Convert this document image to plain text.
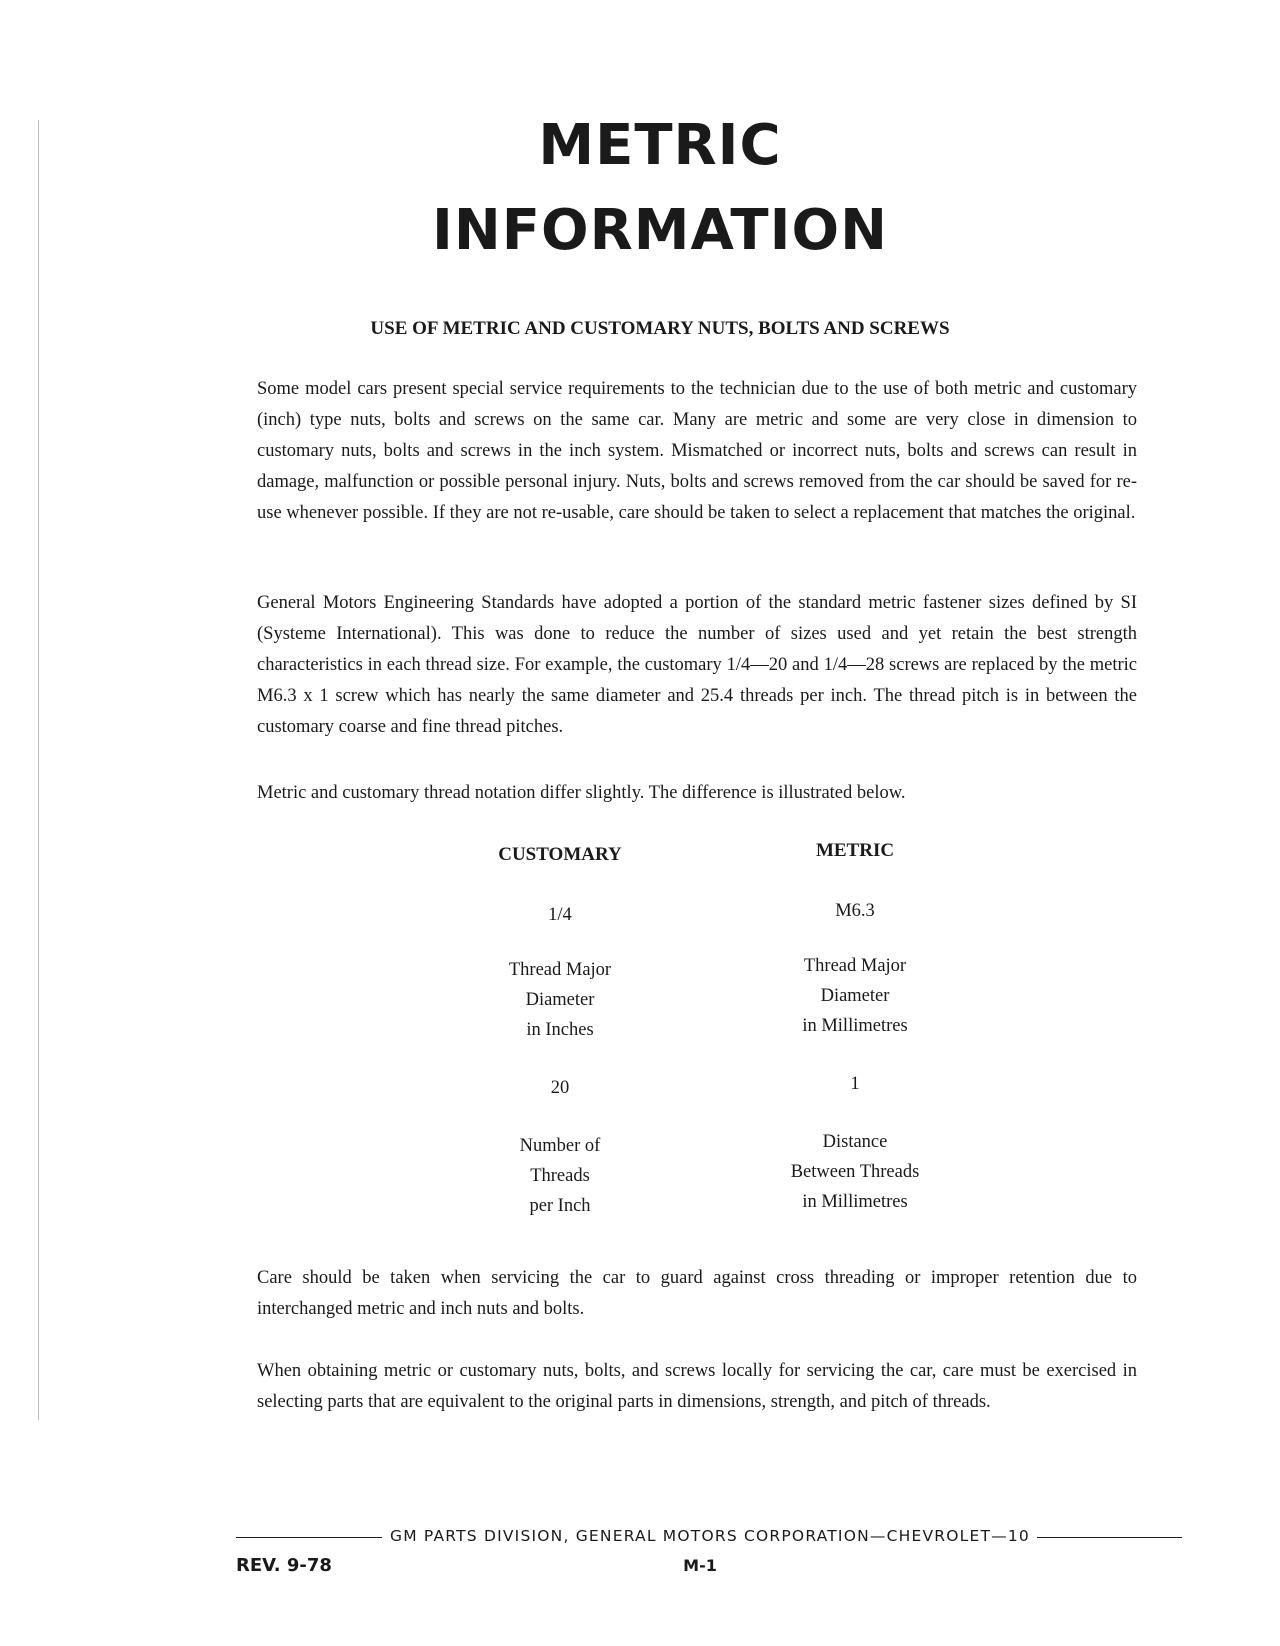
METRIC
INFORMATION
USE OF METRIC AND CUSTOMARY NUTS, BOLTS AND SCREWS

Some model cars present special service requirements to the technician due to the use of both metric and customary (inch) type nuts, bolts and screws on the same car. Many are metric and some are very close in dimension to customary nuts, bolts and screws in the inch system. Mismatched or incorrect nuts, bolts and screws can result in damage, malfunction or possible personal injury. Nuts, bolts and screws removed from the car should be saved for re-use whenever possible. If they are not re-usable, care should be taken to select a replacement that matches the original.

General Motors Engineering Standards have adopted a portion of the standard metric fastener sizes defined by SI (Systeme International). This was done to reduce the number of sizes used and yet retain the best strength characteristics in each thread size. For example, the customary 1/4—20 and 1/4—28 screws are replaced by the metric M6.3 x 1 screw which has nearly the same diameter and 25.4 threads per inch. The thread pitch is in between the customary coarse and fine thread pitches.

Metric and customary thread notation differ slightly. The difference is illustrated below.

CUSTOMARY
1/4
Thread Major
Diameter
in Inches
20
Number of
Threads
per Inch
METRIC
M6.3
Thread Major
Diameter
in Millimetres
1
Distance
Between Threads
in Millimetres

Care should be taken when servicing the car to guard against cross threading or improper retention due to interchanged metric and inch nuts and bolts.

When obtaining metric or customary nuts, bolts, and screws locally for servicing the car, care must be exercised in selecting parts that are equivalent to the original parts in dimensions, strength, and pitch of threads.

GM PARTS DIVISION, GENERAL MOTORS CORPORATION—CHEVROLET—10
REV. 9-78	M-1
